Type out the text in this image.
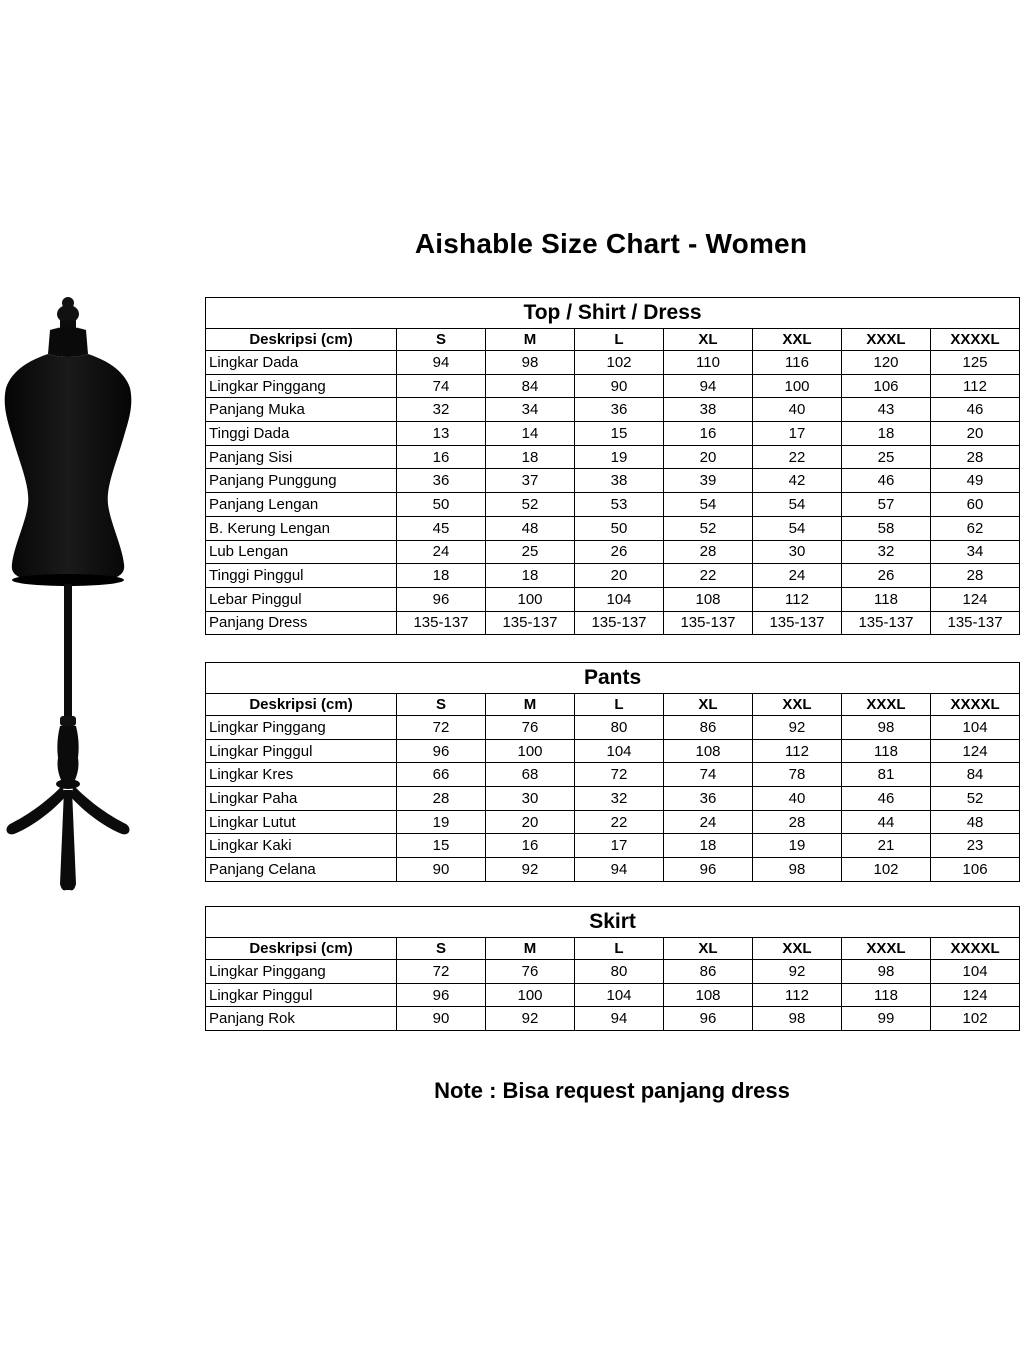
Aishable Size Chart - Women
Top / Shirt / Dress							
Deskripsi (cm)	S	M	L	XL	XXL	XXXL	XXXXL
Lingkar Dada	94	98	102	110	116	120	125
Lingkar Pinggang	74	84	90	94	100	106	112
Panjang Muka	32	34	36	38	40	43	46
Tinggi Dada	13	14	15	16	17	18	20
Panjang Sisi	16	18	19	20	22	25	28
Panjang Punggung	36	37	38	39	42	46	49
Panjang Lengan	50	52	53	54	54	57	60
B. Kerung Lengan	45	48	50	52	54	58	62
Lub Lengan	24	25	26	28	30	32	34
Tinggi Pinggul	18	18	20	22	24	26	28
Lebar Pinggul	96	100	104	108	112	118	124
Panjang Dress	135-137	135-137	135-137	135-137	135-137	135-137	135-137
Pants							
Deskripsi (cm)	S	M	L	XL	XXL	XXXL	XXXXL
Lingkar Pinggang	72	76	80	86	92	98	104
Lingkar Pinggul	96	100	104	108	112	118	124
Lingkar Kres	66	68	72	74	78	81	84
Lingkar Paha	28	30	32	36	40	46	52
Lingkar Lutut	19	20	22	24	28	44	48
Lingkar Kaki	15	16	17	18	19	21	23
Panjang Celana	90	92	94	96	98	102	106
Skirt							
Deskripsi (cm)	S	M	L	XL	XXL	XXXL	XXXXL
Lingkar Pinggang	72	76	80	86	92	98	104
Lingkar Pinggul	96	100	104	108	112	118	124
Panjang Rok	90	92	94	96	98	99	102
Note : Bisa request panjang dress
